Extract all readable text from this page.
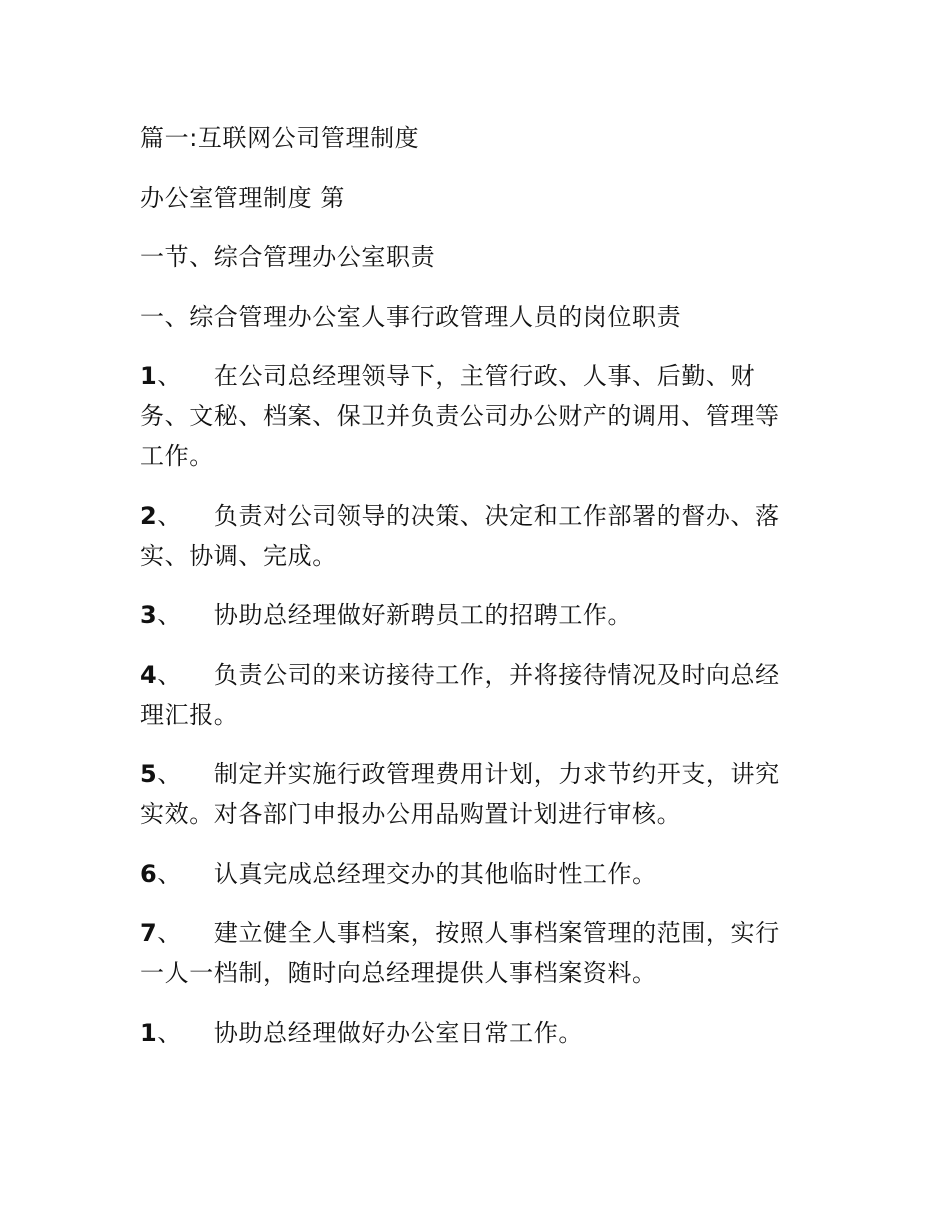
篇一:互联网公司管理制度
办公室管理制度 第
一节、综合管理办公室职责
一、综合管理办公室人事行政管理人员的岗位职责
1、 在公司总经理领导下，主管行政、人事、后勤、财务、文秘、档案、保卫并负责公司办公财产的调用、管理等工作。
2、 负责对公司领导的决策、决定和工作部署的督办、落实、协调、完成。
3、 协助总经理做好新聘员工的招聘工作。
4、 负责公司的来访接待工作，并将接待情况及时向总经理汇报。
5、 制定并实施行政管理费用计划，力求节约开支，讲究实效。对各部门申报办公用品购置计划进行审核。
6、 认真完成总经理交办的其他临时性工作。
7、 建立健全人事档案，按照人事档案管理的范围，实行一人一档制，随时向总经理提供人事档案资料。
1、 协助总经理做好办公室日常工作。
